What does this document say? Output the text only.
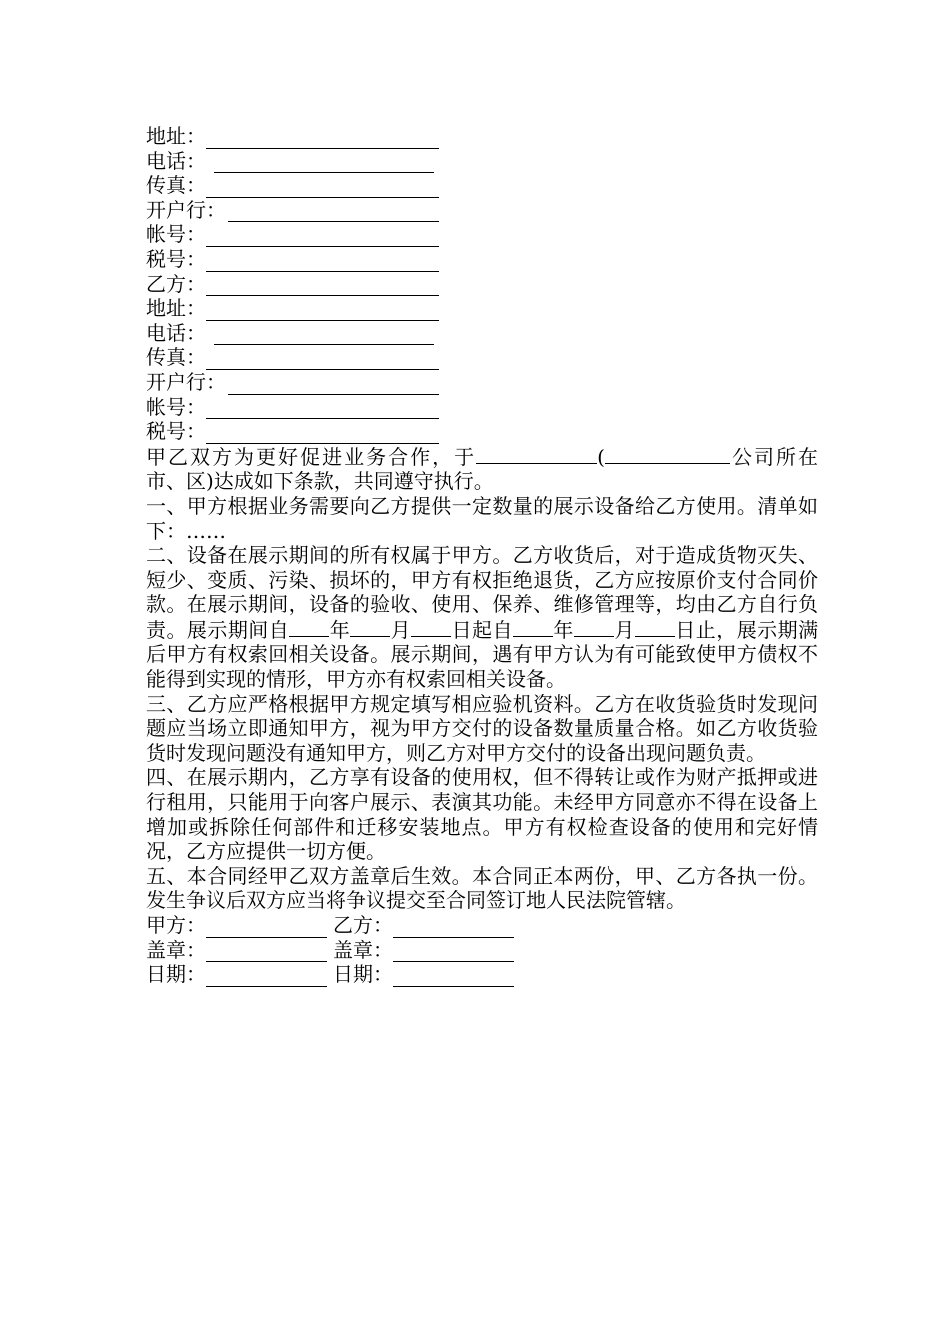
地址：
电话：
传真：
开户行：
帐号：
税号：
乙方：
地址：
电话：
传真：
开户行：
帐号：
税号：

甲乙双方为更好促进业务合作，于	(	公司所在市、区)达成如下条款，共同遵守执行。

一、甲方根据业务需要向乙方提供一定数量的展示设备给乙方使用。清单如下：……

二、设备在展示期间的所有权属于甲方。乙方收货后，对于造成货物灭失、短少、变质、污染、损坏的，甲方有权拒绝退货，乙方应按原价支付合同价款。在展示期间，设备的验收、使用、保养、维修管理等，均由乙方自行负责。展示期间自 年 月 日起自 年 月 日止，展示期满后甲方有权索回相关设备。展示期间，遇有甲方认为有可能致使甲方债权不能得到实现的情形，甲方亦有权索回相关设备。

三、乙方应严格根据甲方规定填写相应验机资料。乙方在收货验货时发现问题应当场立即通知甲方，视为甲方交付的设备数量质量合格。如乙方收货验货时发现问题没有通知甲方，则乙方对甲方交付的设备出现问题负责。

四、在展示期内，乙方享有设备的使用权，但不得转让或作为财产抵押或进行租用，只能用于向客户展示、表演其功能。未经甲方同意亦不得在设备上增加或拆除任何部件和迁移安装地点。甲方有权检查设备的使用和完好情况，乙方应提供一切方便。

五、本合同经甲乙双方盖章后生效。本合同正本两份，甲、乙方各执一份。发生争议后双方应当将争议提交至合同签订地人民法院管辖。

甲方：	乙方：
盖章：	盖章：
日期：	日期：
